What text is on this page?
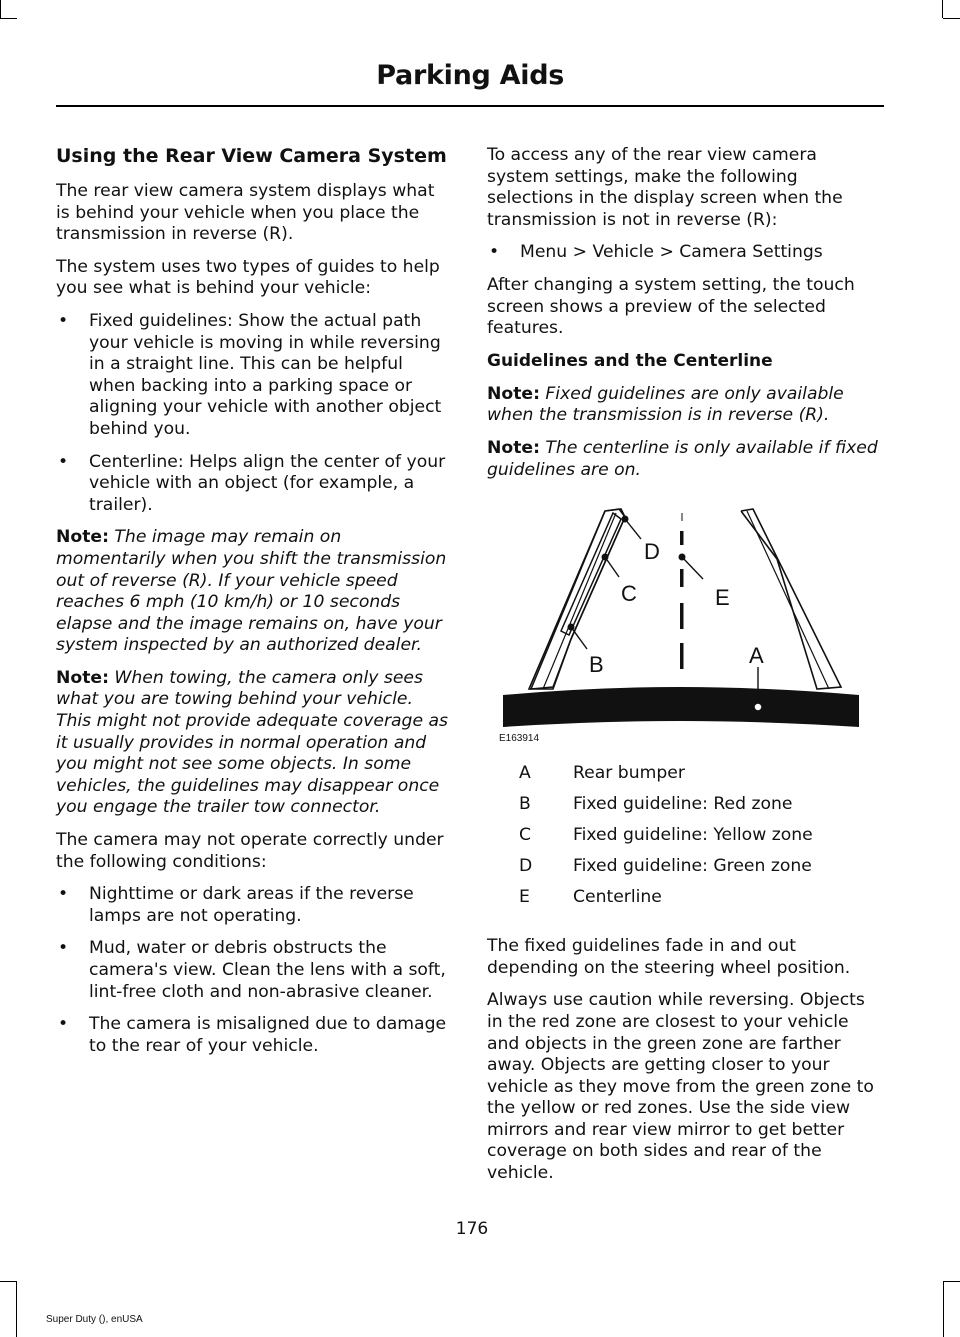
Parking Aids
Using the Rear View Camera System

The rear view camera system displays what is behind your vehicle when you place the transmission in reverse (R).

The system uses two types of guides to help you see what is behind your vehicle:

• Fixed guidelines: Show the actual path your vehicle is moving in while reversing in a straight line. This can be helpful when backing into a parking space or aligning your vehicle with another object behind you.
• Centerline: Helps align the center of your vehicle with an object (for example, a trailer).

Note: The image may remain on momentarily when you shift the transmission out of reverse (R). If your vehicle speed reaches 6 mph (10 km/h) or 10 seconds elapse and the image remains on, have your system inspected by an authorized dealer.

Note: When towing, the camera only sees what you are towing behind your vehicle. This might not provide adequate coverage as it usually provides in normal operation and you might not see some objects. In some vehicles, the guidelines may disappear once you engage the trailer tow connector.

The camera may not operate correctly under the following conditions:

• Nighttime or dark areas if the reverse lamps are not operating.
• Mud, water or debris obstructs the camera's view. Clean the lens with a soft, lint-free cloth and non-abrasive cleaner.
• The camera is misaligned due to damage to the rear of your vehicle.

To access any of the rear view camera system settings, make the following selections in the display screen when the transmission is not in reverse (R):

• Menu > Vehicle > Camera Settings

After changing a system setting, the touch screen shows a preview of the selected features.

Guidelines and the Centerline

Note: Fixed guidelines are only available when the transmission is in reverse (R).

Note: The centerline is only available if fixed guidelines are on.

D
C
B
E
A
E163914
A	Rear bumper
B	Fixed guideline: Red zone
C	Fixed guideline: Yellow zone
D	Fixed guideline: Green zone
E	Centerline

The fixed guidelines fade in and out depending on the steering wheel position.

Always use caution while reversing. Objects in the red zone are closest to your vehicle and objects in the green zone are farther away. Objects are getting closer to your vehicle as they move from the green zone to the yellow or red zones. Use the side view mirrors and rear view mirror to get better coverage on both sides and rear of the vehicle.

176
Super Duty (), enUSA
